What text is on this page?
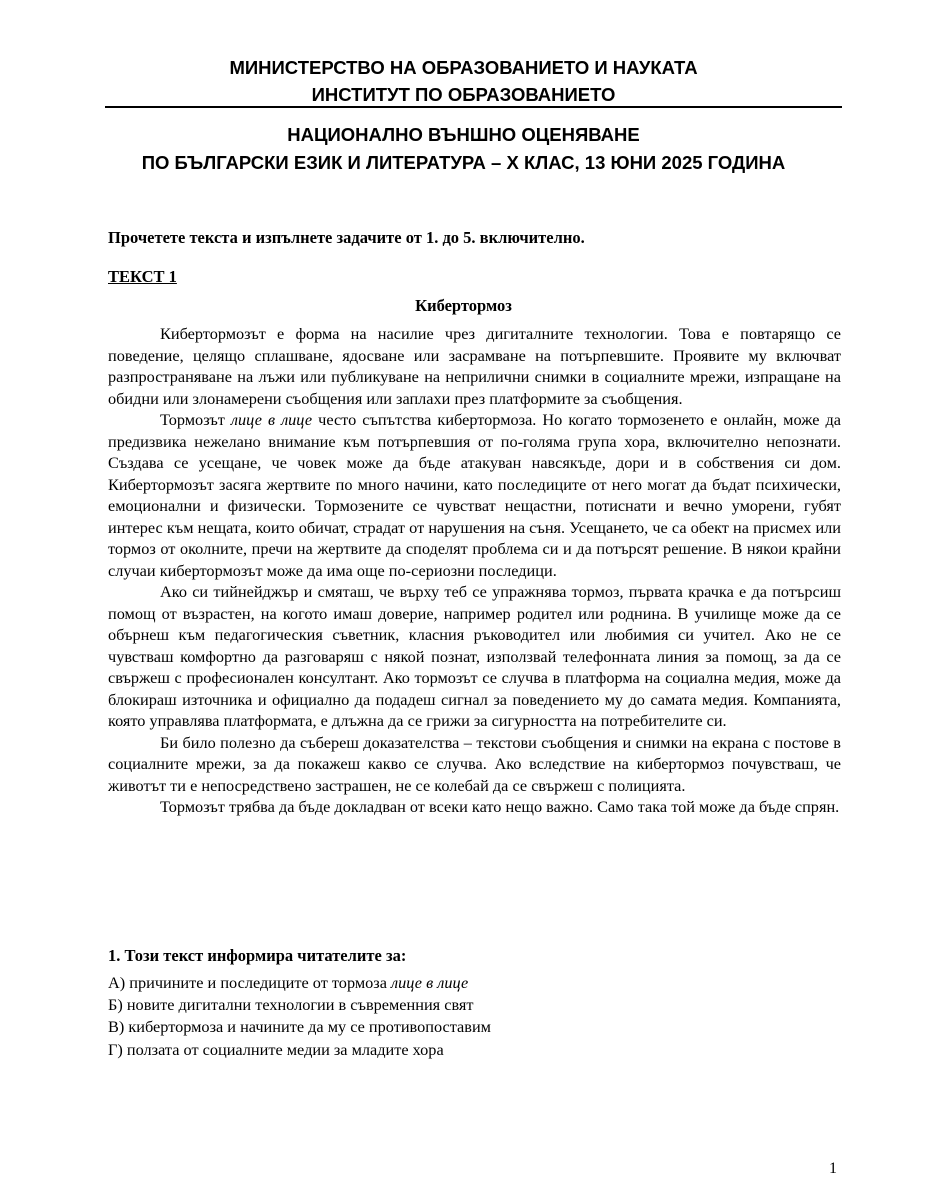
МИНИСТЕРСТВО НА ОБРАЗОВАНИЕТО И НАУКАТА
ИНСТИТУТ ПО ОБРАЗОВАНИЕТО
НАЦИОНАЛНО ВЪНШНО ОЦЕНЯВАНЕ
ПО БЪЛГАРСКИ ЕЗИК И ЛИТЕРАТУРА – Х КЛАС, 13 ЮНИ 2025 ГОДИНА
Прочетете текста и изпълнете задачите от 1. до 5. включително.
ТЕКСТ 1
Кибертормоз

Кибертормозът е форма на насилие чрез дигиталните технологии. Това е повтарящо се поведение, целящо сплашване, ядосване или засрамване на потърпевшите. Проявите му включват разпространяване на лъжи или публикуване на неприлични снимки в социалните мрежи, изпращане на обидни или злонамерени съобщения или заплахи през платформите за съобщения.

Тормозът лице в лице често съпътства кибертормоза. Но когато тормозенето е онлайн, може да предизвика нежелано внимание към потърпевшия от по-голяма група хора, включително непознати. Създава се усещане, че човек може да бъде атакуван навсякъде, дори и в собствения си дом. Кибертормозът засяга жертвите по много начини, като последиците от него могат да бъдат психически, емоционални и физически. Тормозените се чувстват нещастни, потиснати и вечно уморени, губят интерес към нещата, които обичат, страдат от нарушения на съня. Усещането, че са обект на присмех или тормоз от околните, пречи на жертвите да споделят проблема си и да потърсят решение. В някои крайни случаи кибертормозът може да има още по-сериозни последици.

Ако си тийнейджър и смяташ, че върху теб се упражнява тормоз, първата крачка е да потърсиш помощ от възрастен, на когото имаш доверие, например родител или роднина. В училище може да се обърнеш към педагогическия съветник, класния ръководител или любимия си учител. Ако не се чувстваш комфортно да разговаряш с някой познат, използвай телефонната линия за помощ, за да се свържеш с професионален консултант. Ако тормозът се случва в платформа на социална медия, може да блокираш източника и официално да подадеш сигнал за поведението му до самата медия. Компанията, която управлява платформата, е длъжна да се грижи за сигурността на потребителите си.

Би било полезно да събереш доказателства – текстови съобщения и снимки на екрана с постове в социалните мрежи, за да покажеш какво се случва. Ако вследствие на кибертормоз почувстваш, че животът ти е непосредствено застрашен, не се колебай да се свържеш с полицията.

Тормозът трябва да бъде докладван от всеки като нещо важно. Само така той може да бъде спрян.

1. Този текст информира читателите за:
А) причините и последиците от тормоза лице в лице
Б) новите дигитални технологии в съвременния свят
В) кибертормоза и начините да му се противопоставим
Г) ползата от социалните медии за младите хора
1
